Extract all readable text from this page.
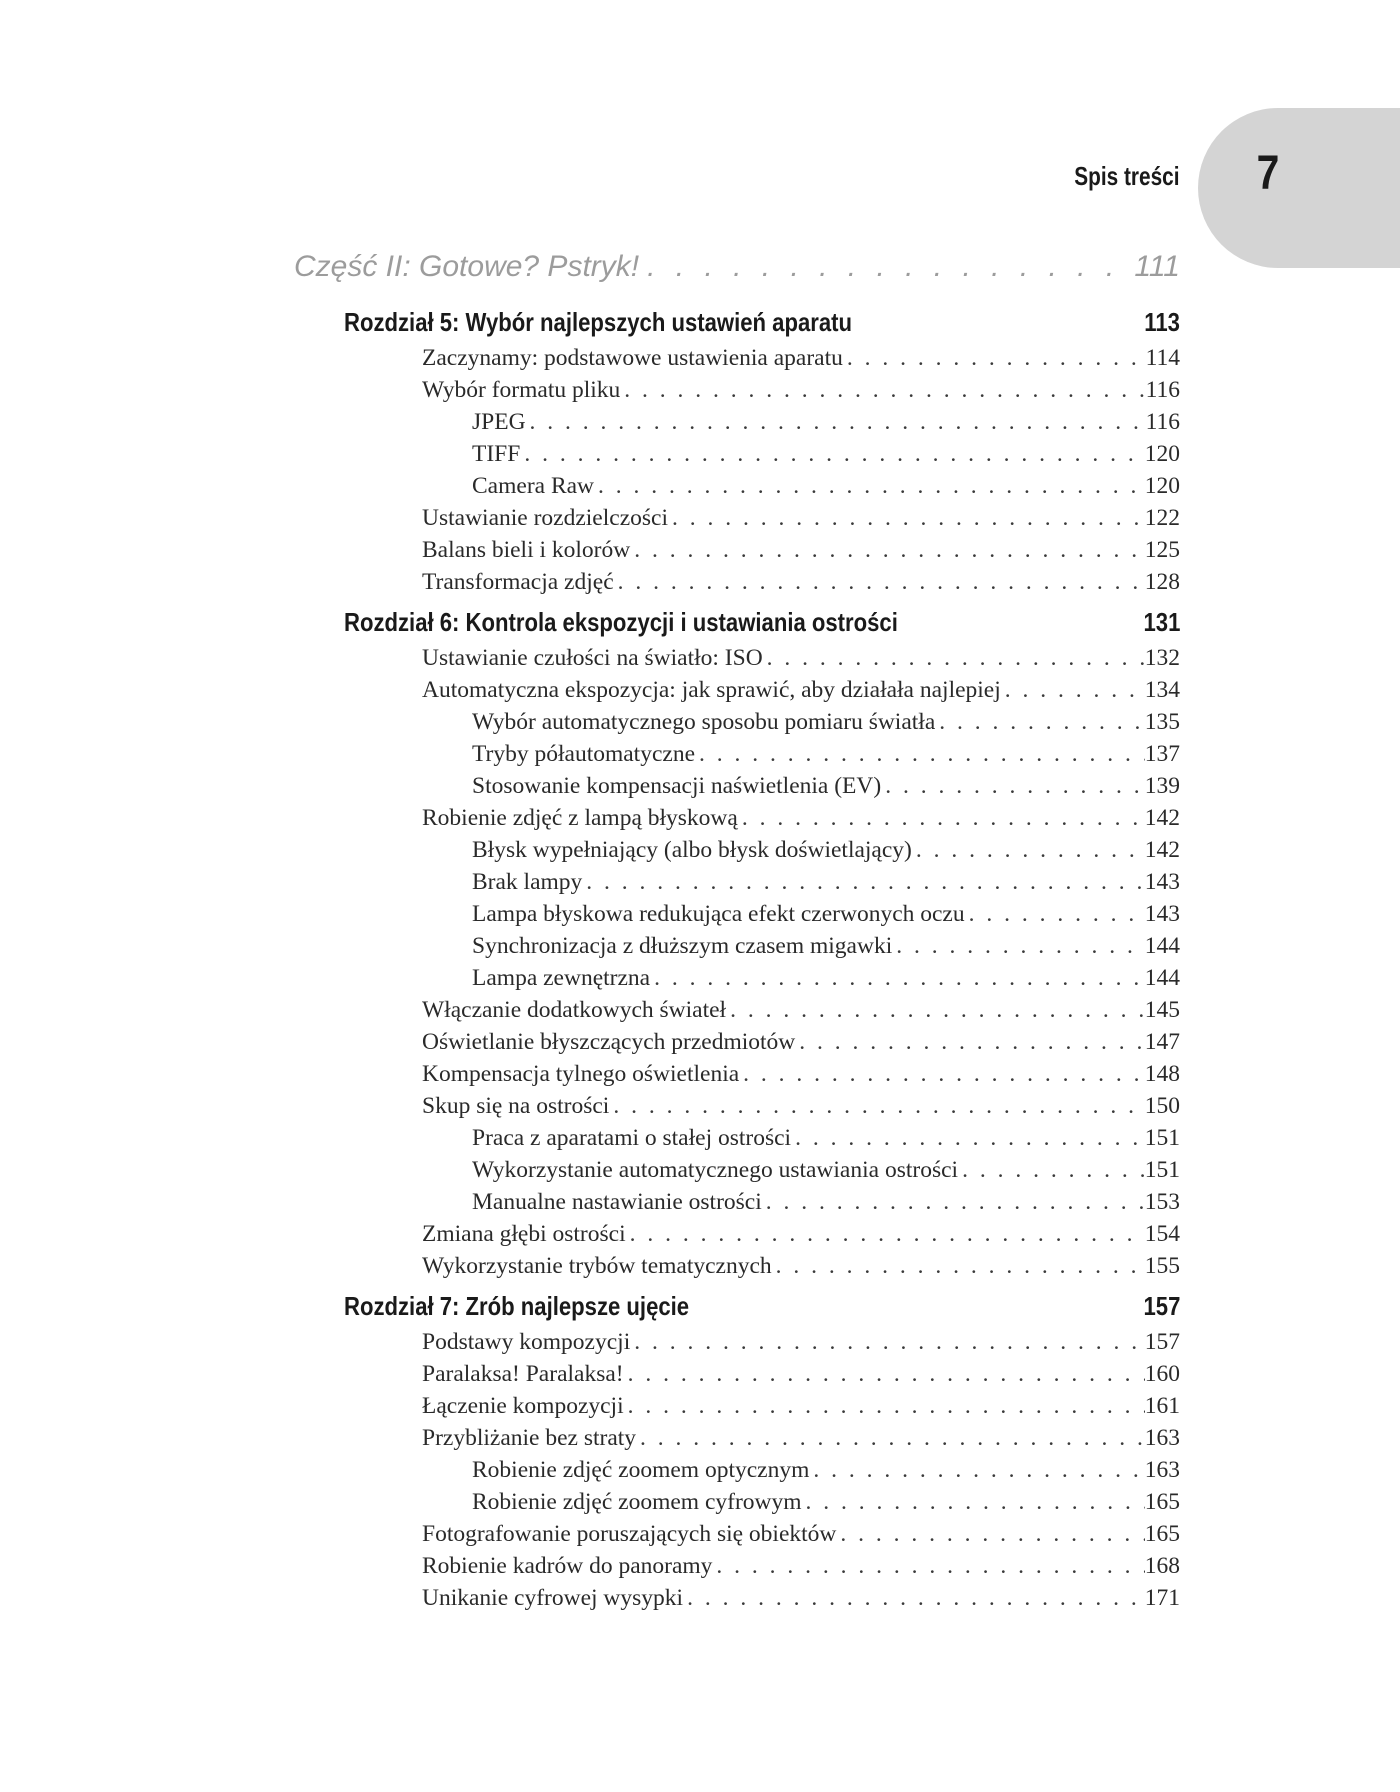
7
Spis treści
Część II: Gotowe? Pstryk! . . .	111
Rozdział 5: Wybór najlepszych ustawień aparatu	113
Zaczynamy: podstawowe ustawienia aparatu . . .	114
Wybór formatu pliku . . .	116
JPEG . . .	116
TIFF . . .	120
Camera Raw . . .	120
Ustawianie rozdzielczości . . .	122
Balans bieli i kolorów . . .	125
Transformacja zdjęć . . .	128
Rozdział 6: Kontrola ekspozycji i ustawiania ostrości	131
Ustawianie czułości na światło: ISO . . .	132
Automatyczna ekspozycja: jak sprawić, aby działała najlepiej . . .	134
Wybór automatycznego sposobu pomiaru światła . . .	135
Tryby półautomatyczne . . .	137
Stosowanie kompensacji naświetlenia (EV) . . .	139
Robienie zdjęć z lampą błyskową . . .	142
Błysk wypełniający (albo błysk doświetlający) . . .	142
Brak lampy . . .	143
Lampa błyskowa redukująca efekt czerwonych oczu . . .	143
Synchronizacja z dłuższym czasem migawki . . .	144
Lampa zewnętrzna . . .	144
Włączanie dodatkowych świateł . . .	145
Oświetlanie błyszczących przedmiotów . . .	147
Kompensacja tylnego oświetlenia . . .	148
Skup się na ostrości . . .	150
Praca z aparatami o stałej ostrości . . .	151
Wykorzystanie automatycznego ustawiania ostrości . . .	151
Manualne nastawianie ostrości . . .	153
Zmiana głębi ostrości . . .	154
Wykorzystanie trybów tematycznych . . .	155
Rozdział 7: Zrób najlepsze ujęcie	157
Podstawy kompozycji . . .	157
Paralaksa! Paralaksa! . . .	160
Łączenie kompozycji . . .	161
Przybliżanie bez straty . . .	163
Robienie zdjęć zoomem optycznym . . .	163
Robienie zdjęć zoomem cyfrowym . . .	165
Fotografowanie poruszających się obiektów . . .	165
Robienie kadrów do panoramy . . .	168
Unikanie cyfrowej wysypki . . .	171
